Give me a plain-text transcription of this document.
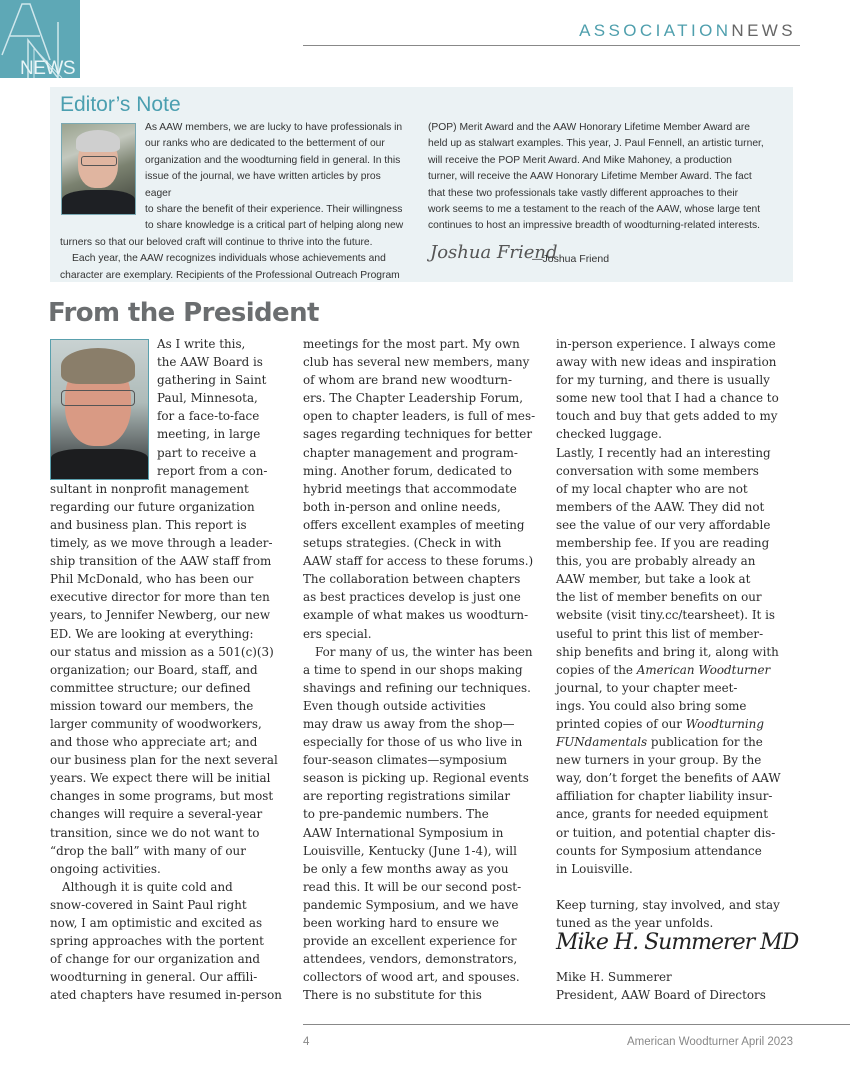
NEWS
ASSOCIATIONNEWS
Editor’s Note
As AAW members, we are lucky to have professionals in
our ranks who are dedicated to the betterment of our
organization and the woodturning field in general. In this
issue of the journal, we have written articles by pros eager
to share the benefit of their experience. Their willingness
to share knowledge is a critical part of helping along new
turners so that our beloved craft will continue to thrive into the future.
Each year, the AAW recognizes individuals whose achievements and
character are exemplary. Recipients of the Professional Outreach Program
(POP) Merit Award and the AAW Honorary Lifetime Member Award are
held up as stalwart examples. This year, J. Paul Fennell, an artistic turner,
will receive the POP Merit Award. And Mike Mahoney, a production
turner, will receive the AAW Honorary Lifetime Member Award. The fact
that these two professionals take vastly different approaches to their
work seems to me a testament to the reach of the AAW, whose large tent
continues to host an impressive breadth of woodturning-related interests.
Joshua Friend
—Joshua Friend
From the President
As I write this,
the AAW Board is
gathering in Saint
Paul, Minnesota,
for a face-to-face
meeting, in large
part to receive a
report from a con-
sultant in nonprofit management
regarding our future organization
and business plan. This report is
timely, as we move through a leader-
ship transition of the AAW staff from
Phil McDonald, who has been our
executive director for more than ten
years, to Jennifer Newberg, our new
ED. We are looking at everything:
our status and mission as a 501(c)(3)
organization; our Board, staff, and
committee structure; our defined
mission toward our members, the
larger community of woodworkers,
and those who appreciate art; and
our business plan for the next several
years. We expect there will be initial
changes in some programs, but most
changes will require a several-year
transition, since we do not want to
“drop the ball” with many of our
ongoing activities.
Although it is quite cold and
snow-covered in Saint Paul right
now, I am optimistic and excited as
spring approaches with the portent
of change for our organization and
woodturning in general. Our affili-
ated chapters have resumed in-person
meetings for the most part. My own
club has several new members, many
of whom are brand new woodturn-
ers. The Chapter Leadership Forum,
open to chapter leaders, is full of mes-
sages regarding techniques for better
chapter management and program-
ming. Another forum, dedicated to
hybrid meetings that accommodate
both in-person and online needs,
offers excellent examples of meeting
setups strategies. (Check in with
AAW staff for access to these forums.)
The collaboration between chapters
as best practices develop is just one
example of what makes us woodturn-
ers special.
For many of us, the winter has been
a time to spend in our shops making
shavings and refining our techniques.
Even though outside activities
may draw us away from the shop—
especially for those of us who live in
four-season climates—symposium
season is picking up. Regional events
are reporting registrations similar
to pre-pandemic numbers. The
AAW International Symposium in
Louisville, Kentucky (June 1-4), will
be only a few months away as you
read this. It will be our second post-
pandemic Symposium, and we have
been working hard to ensure we
provide an excellent experience for
attendees, vendors, demonstrators,
collectors of wood art, and spouses.
There is no substitute for this
in-person experience. I always come
away with new ideas and inspiration
for my turning, and there is usually
some new tool that I had a chance to
touch and buy that gets added to my
checked luggage.
Lastly, I recently had an interesting
conversation with some members
of my local chapter who are not
members of the AAW. They did not
see the value of our very affordable
membership fee. If you are reading
this, you are probably already an
AAW member, but take a look at
the list of member benefits on our
website (visit tiny.cc/tearsheet). It is
useful to print this list of member-
ship benefits and bring it, along with
copies of the American Woodturner
journal, to your chapter meet-
ings. You could also bring some
printed copies of our Woodturning
FUNdamentals publication for the
new turners in your group. By the
way, don’t forget the benefits of AAW
affiliation for chapter liability insur-
ance, grants for needed equipment
or tuition, and potential chapter dis-
counts for Symposium attendance
in Louisville.
Keep turning, stay involved, and stay
tuned as the year unfolds.
Mike H. Summerer
President, AAW Board of Directors
Mike H. Summerer MD
4	American Woodturner April 2023
